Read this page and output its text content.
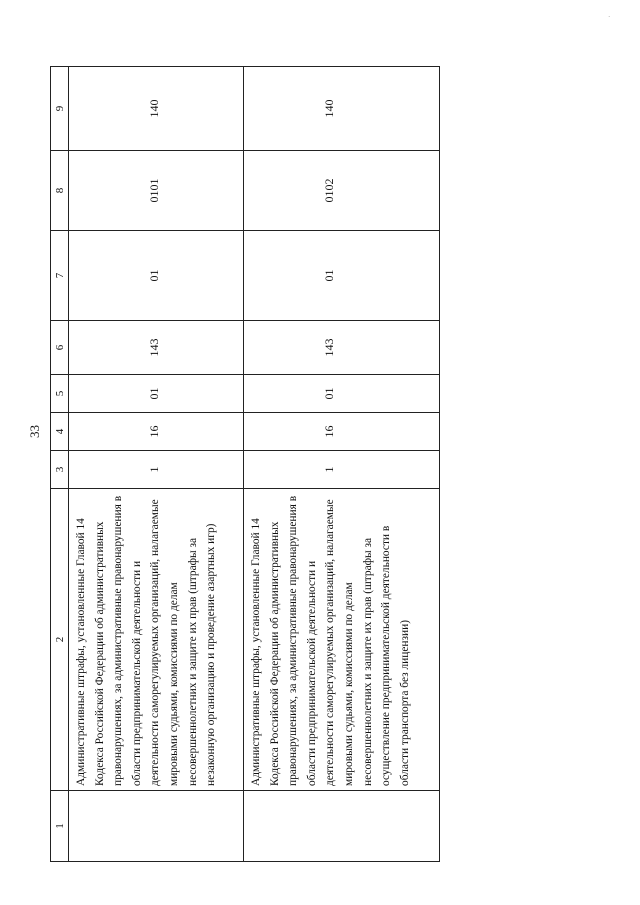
33
·
1	2	3	4	5	6	7	8	9
	Административные штрафы, установленные Главой 14 Кодекса Российской Федерации об административных правонарушениях, за административные правонарушения в области предпринимательской деятельности и деятельности саморегулируемых организаций, налагаемые мировыми судьями, комиссиями по делам несовершеннолетних и защите их прав (штрафы за незаконную организацию и проведение азартных игр)	1	16	01	143	01	0101	140
	Административные штрафы, установленные Главой 14 Кодекса Российской Федерации об административных правонарушениях, за административные правонарушения в области предпринимательской деятельности и деятельности саморегулируемых организаций, налагаемые мировыми судьями, комиссиями по делам несовершеннолетних и защите их прав (штрафы за осуществление предпринимательской деятельности в области транспорта без лицензии)	1	16	01	143	01	0102	140
